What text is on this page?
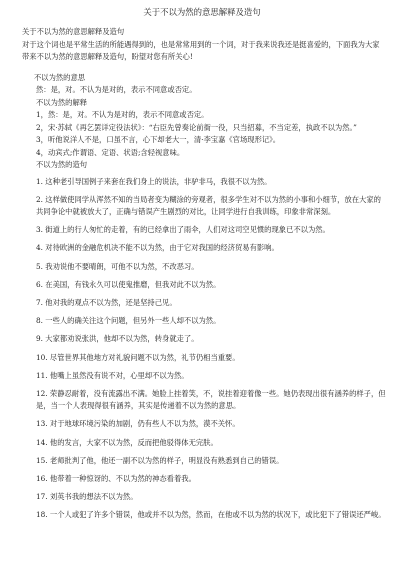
关于不以为然的意思解释及造句
关于不以为然的意思解释及造句
对于这个词也是平常生活的所能遇得到的，也是常常用到的一个词，对于我来说我还是挺喜爱的，下面我为大家带来不以为然的意思解释及造句，盼望对您有所关心!
不以为然的意思
然：是，对。不认为是对的，表示不同意或否定。
不以为然的解释
1，然：是，对。不认为是对的，表示不同意或否定。
2，宋·苏轼《再乞罢详定役法状》：“右臣先曾奏论前衙一役，只当招募，不当定差，执政不以为然。”
3，听他说洋人不是，口虽不言，心下却老大一，清·李宝嘉《官场现形记》。
4，动宾式;作谓语、定语、状语;含轻视意味。
不以为然的造句
1. 这种老引导国例子来套在我们身上的说法，非驴非马，我很不以为然。
2. 这样做使同学从浑然不知的当局者变为糊涂的旁观者，很多学生对不以为然的小事和小细节，放在大家的共同争论中就被放大了，正确与错误产生剧烈的对比，让同学进行自我训练，印象非常深刻。
3. 街道上的行人匆忙的走着，有的已经拿出了雨伞，人们对这司空见惯的现象已不以为然。
4. 对待欧洲的金融危机决不能不以为然，由于它对我国的经济贸易有影响。
5. 我劝说他不要晴朗，可他不以为然，不改恶习。
6. 在美国，有钱永久可以使鬼推磨，但我对此不以为然。
7. 他对我的观点不以为然，还是坚持己见。
8. 一些人的确关注这个问题，但另外一些人却不以为然。
9. 大家都劝说张洪，他却不以为然，转身就走了。
10. 尽管世界其他地方对礼貌问题不以为然，礼节仍相当重要。
11. 他嘴上虽然没有说不对，心里却不以为然。
12. 荣静忍耐着，没有流露出不满。她脸上挂着笑，不，说挂着迎着像一些。她仍表现出很有涵养的样子，但是，当一个人表现得很有涵养，其实是传递着不以为然的意思。
13. 对于地球环境污染的加剧，仍有些人不以为然，漠不关怀。
14. 他的发言，大家不以为然，反而把他驳得体无完肤。
15. 老师批判了他，他还一副不以为然的样子，明显没有熟悉到自己的错误。
16. 他带着一种惊讶的、不以为然的神态看着我。
17. 刘英书我的想法不以为然。
18. 一个人或犯了许多个错误，他或并不以为然，然而，在他或不以为然的状况下，或比犯下了错误还严峻。
